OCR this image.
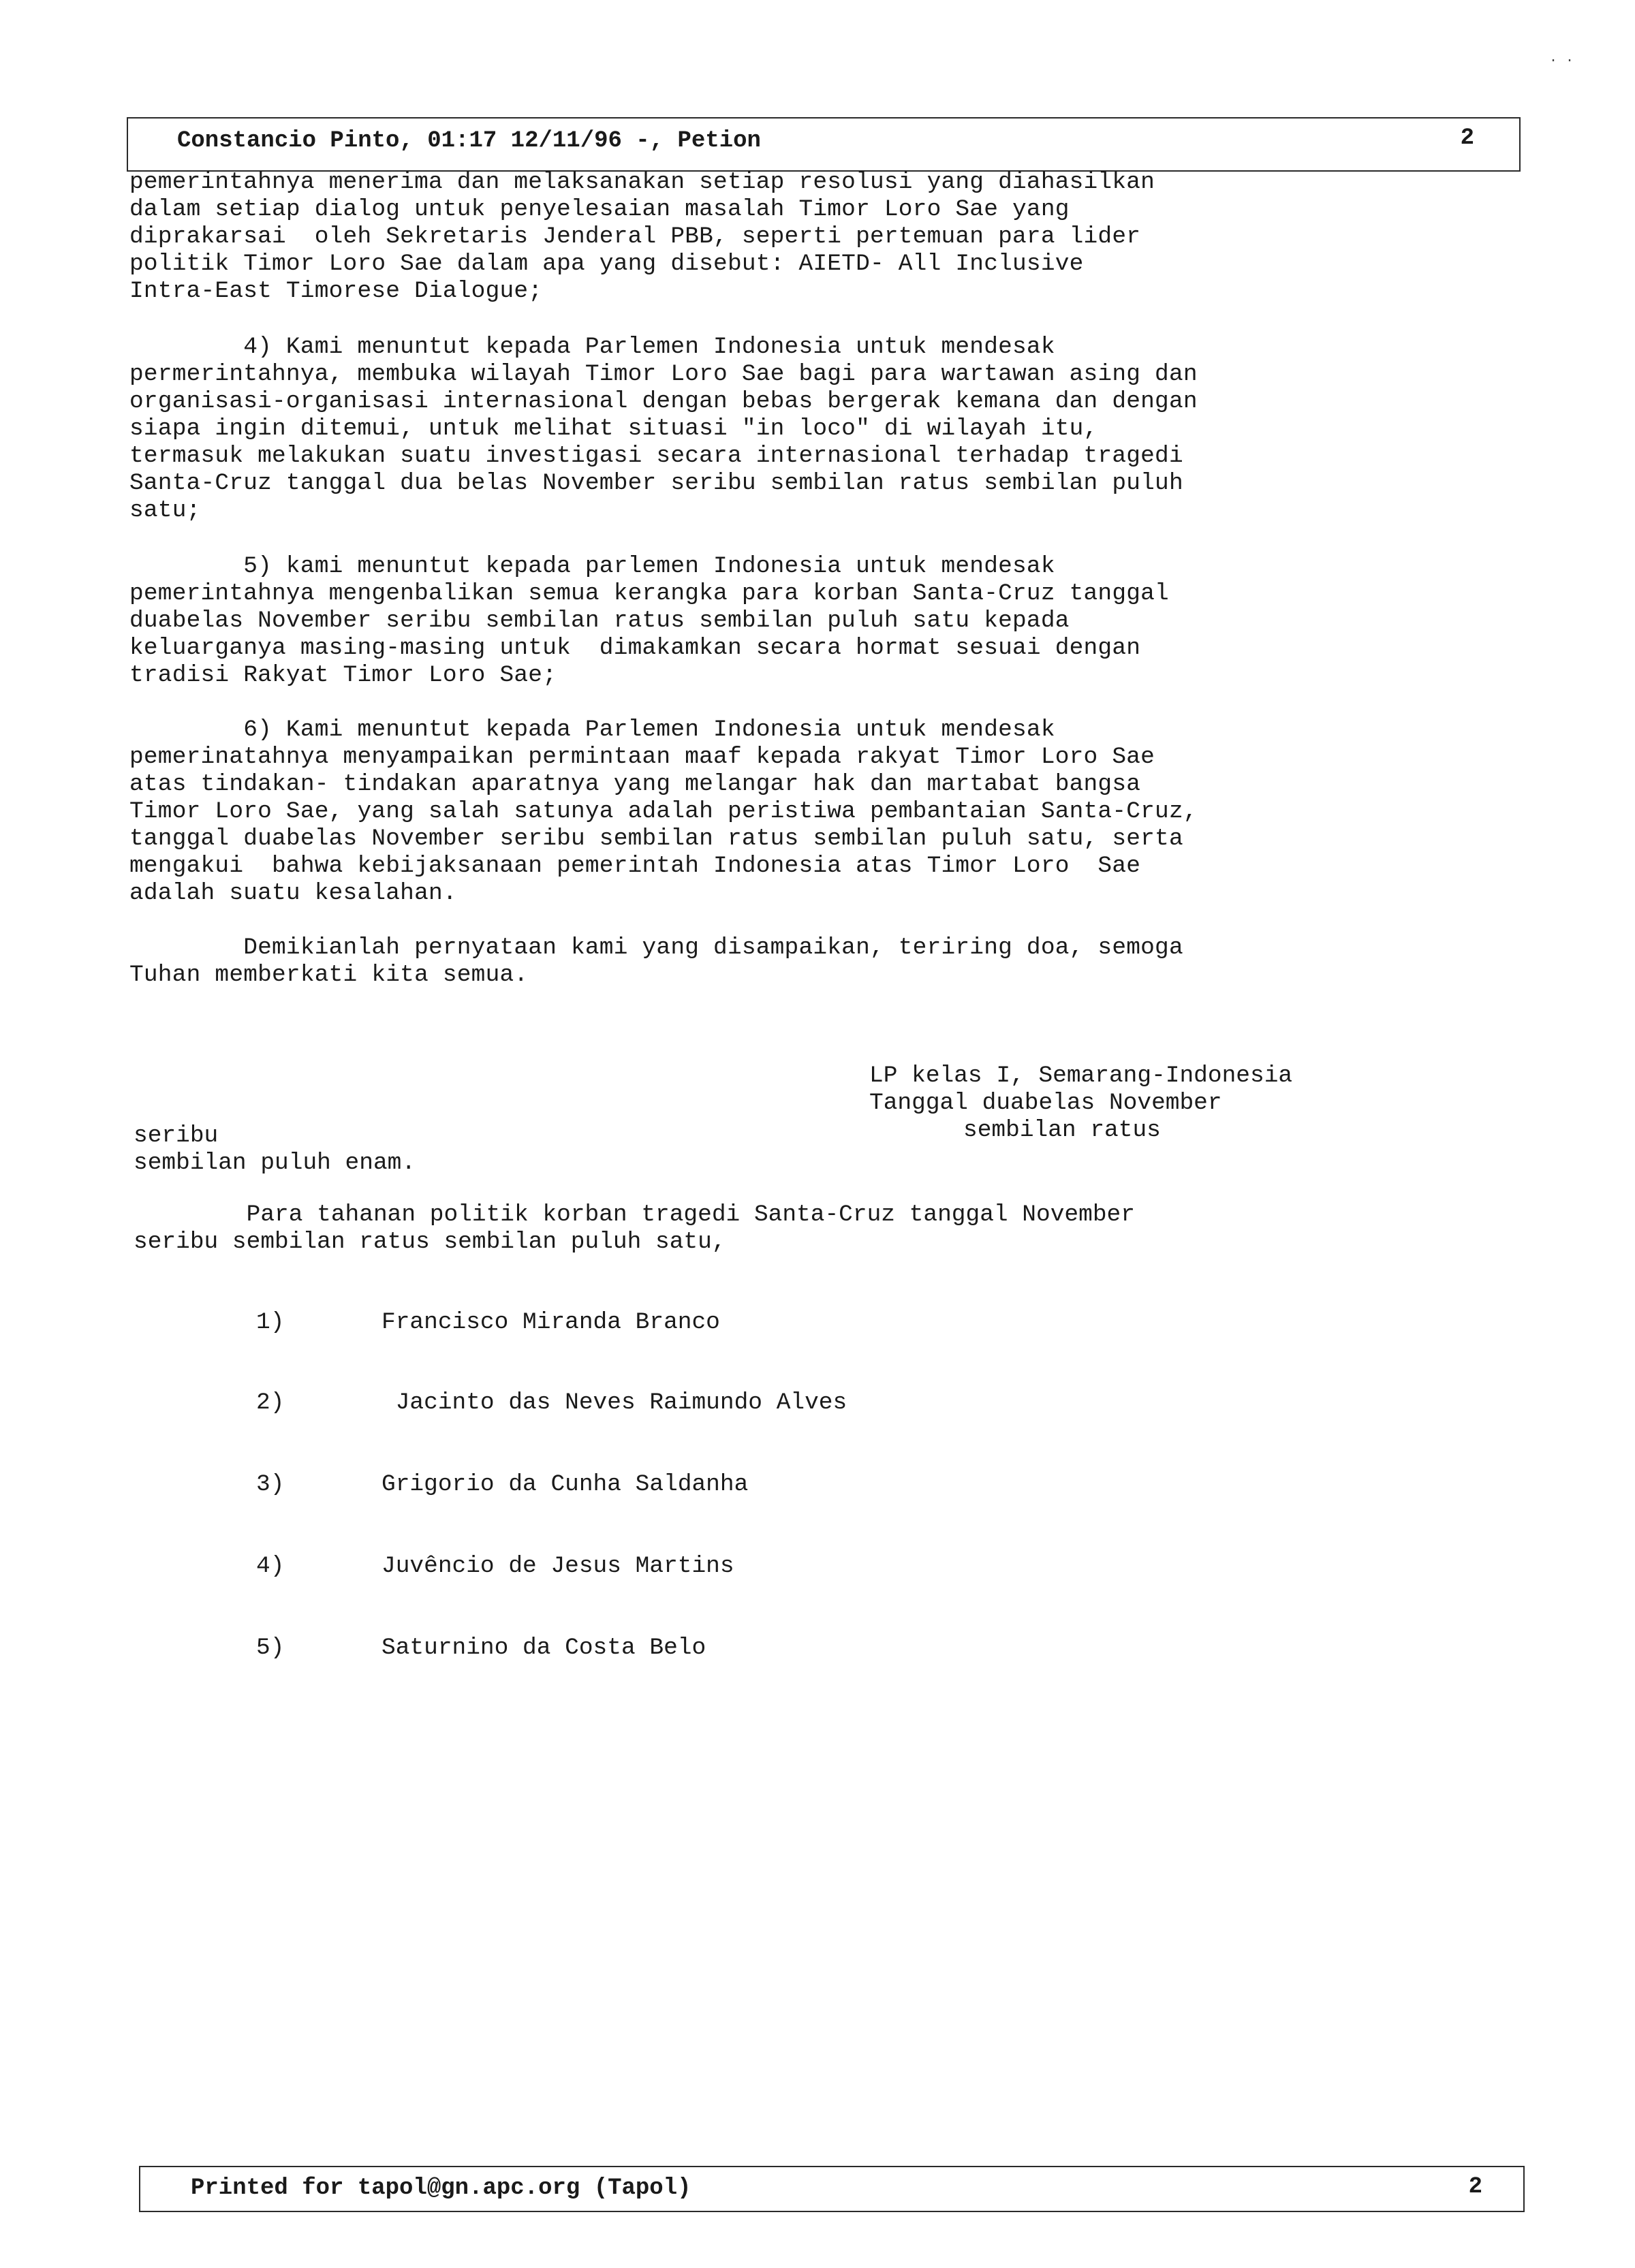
· ·
Constancio Pinto, 01:17 12/11/96 -, Petion	2
pemerintahnya menerima dan melaksanakan setiap resolusi yang diahasilkan
dalam setiap dialog untuk penyelesaian masalah Timor Loro Sae yang
diprakarsai  oleh Sekretaris Jenderal PBB, seperti pertemuan para lider
politik Timor Loro Sae dalam apa yang disebut: AIETD- All Inclusive
Intra-East Timorese Dialogue;
4) Kami menuntut kepada Parlemen Indonesia untuk mendesak
permerintahnya, membuka wilayah Timor Loro Sae bagi para wartawan asing dan
organisasi-organisasi internasional dengan bebas bergerak kemana dan dengan
siapa ingin ditemui, untuk melihat situasi "in loco" di wilayah itu,
termasuk melakukan suatu investigasi secara internasional terhadap tragedi
Santa-Cruz tanggal dua belas November seribu sembilan ratus sembilan puluh
satu;
5) kami menuntut kepada parlemen Indonesia untuk mendesak
pemerintahnya mengenbalikan semua kerangka para korban Santa-Cruz tanggal
duabelas November seribu sembilan ratus sembilan puluh satu kepada
keluarganya masing-masing untuk  dimakamkan secara hormat sesuai dengan
tradisi Rakyat Timor Loro Sae;
6) Kami menuntut kepada Parlemen Indonesia untuk mendesak
pemerinatahnya menyampaikan permintaan maaf kepada rakyat Timor Loro Sae
atas tindakan- tindakan aparatnya yang melangar hak dan martabat bangsa
Timor Loro Sae, yang salah satunya adalah peristiwa pembantaian Santa-Cruz,
tanggal duabelas November seribu sembilan ratus sembilan puluh satu, serta
mengakui  bahwa kebijaksanaan pemerintah Indonesia atas Timor Loro  Sae
adalah suatu kesalahan.
Demikianlah pernyataan kami yang disampaikan, teriring doa, semoga
Tuhan memberkati kita semua.
LP kelas I, Semarang-Indonesia
Tanggal duabelas November
sembilan ratus
seribu
sembilan puluh enam.
Para tahanan politik korban tragedi Santa-Cruz tanggal November
seribu sembilan ratus sembilan puluh satu,
1)	Francisco Miranda Branco
2)	Jacinto das Neves Raimundo Alves
3)	Grigorio da Cunha Saldanha
4)	Juvêncio de Jesus Martins
5)	Saturnino da Costa Belo
Printed for tapol@gn.apc.org (Tapol)	2
